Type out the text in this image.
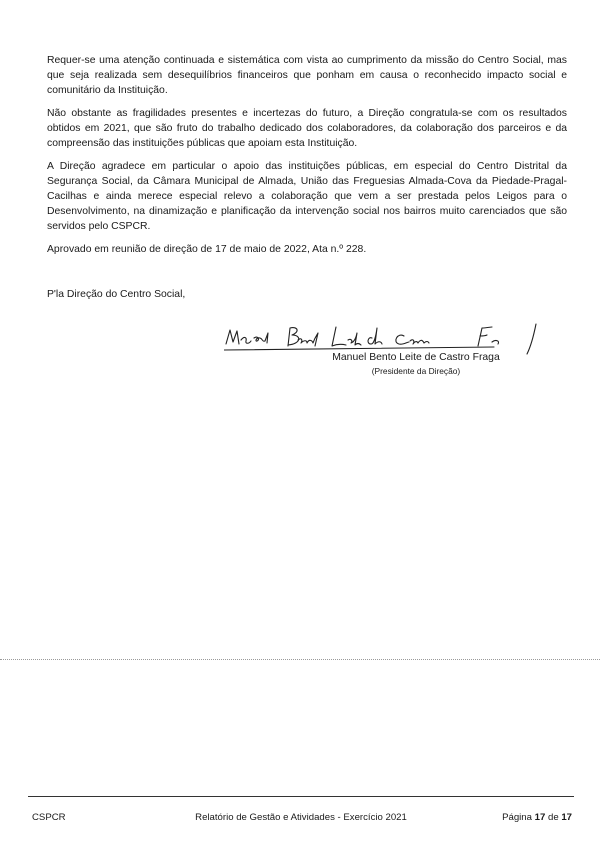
Requer-se uma atenção continuada e sistemática com vista ao cumprimento da missão do Centro Social, mas que seja realizada sem desequilíbrios financeiros que ponham em causa o reconhecido impacto social e comunitário da Instituição.

Não obstante as fragilidades presentes e incertezas do futuro, a Direção congratula-se com os resultados obtidos em 2021, que são fruto do trabalho dedicado dos colaboradores, da colaboração dos parceiros e da compreensão das instituições públicas que apoiam esta Instituição.

A Direção agradece em particular o apoio das instituições públicas, em especial do Centro Distrital da Segurança Social, da Câmara Municipal de Almada, União das Freguesias Almada-Cova da Piedade-Pragal-Cacilhas e ainda merece especial relevo a colaboração que vem a ser prestada pelos Leigos para o Desenvolvimento, na dinamização e planificação da intervenção social nos bairros muito carenciados que são servidos pelo CSPCR.

Aprovado em reunião de direção de 17 de maio de 2022, Ata n.º 228.

P'la Direção do Centro Social,

Manuel Bento Leite de Castro Fraga
(Presidente da Direção)
CSPCR	Relatório de Gestão e Atividades - Exercício 2021	Página 17 de 17
